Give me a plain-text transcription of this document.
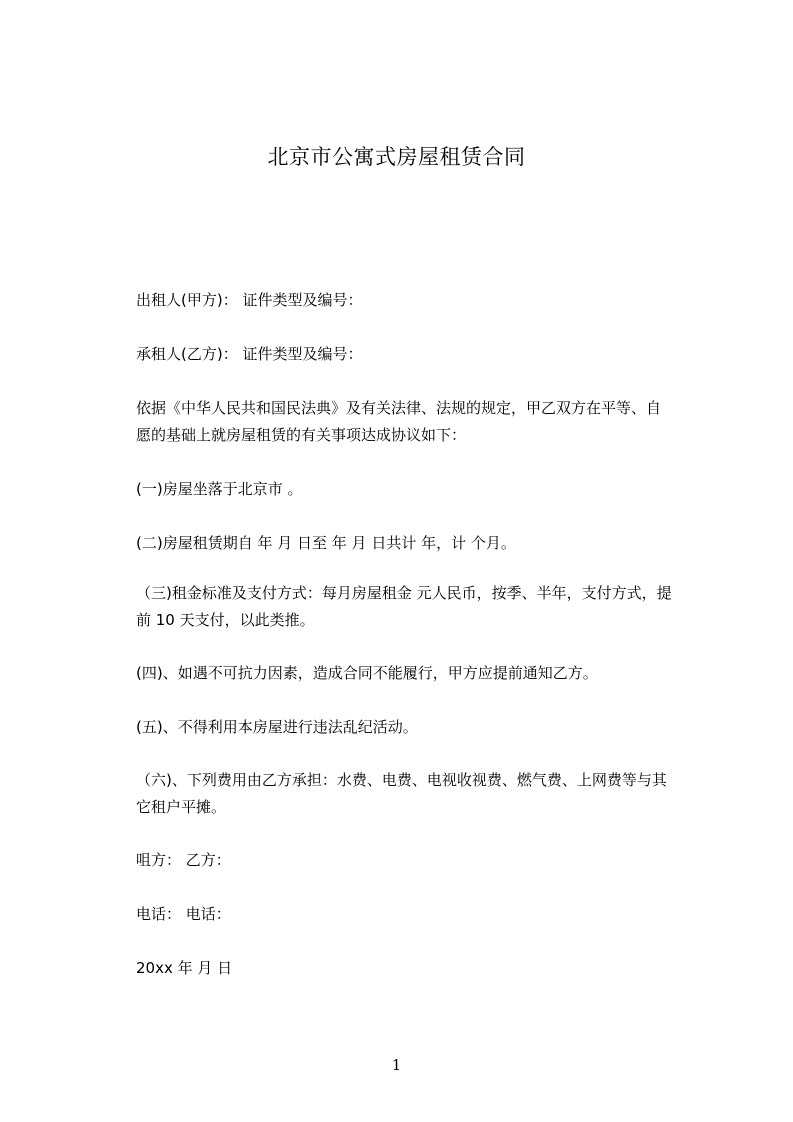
北京市公寓式房屋租赁合同
出租人(甲方)： 证件类型及编号：
承租人(乙方)： 证件类型及编号：
依据《中华人民共和国民法典》及有关法律、法规的规定，甲乙双方在平等、自
愿的基础上就房屋租赁的有关事项达成协议如下：
(一)房屋坐落于北京市 。
(二)房屋租赁期自 年 月 日至 年 月 日共计 年，计 个月。
（三)租金标准及支付方式：每月房屋租金 元人民币，按季、半年，支付方式，提
前 10 天支付，以此类推。
(四)、如遇不可抗力因素，造成合同不能履行，甲方应提前通知乙方。
(五)、不得利用本房屋进行违法乱纪活动。
（六)、下列费用由乙方承担：水费、电费、电视收视费、燃气费、上网费等与其
它租户平摊。
咀方： 乙方：
电话： 电话：
20xx 年 月 日
1
